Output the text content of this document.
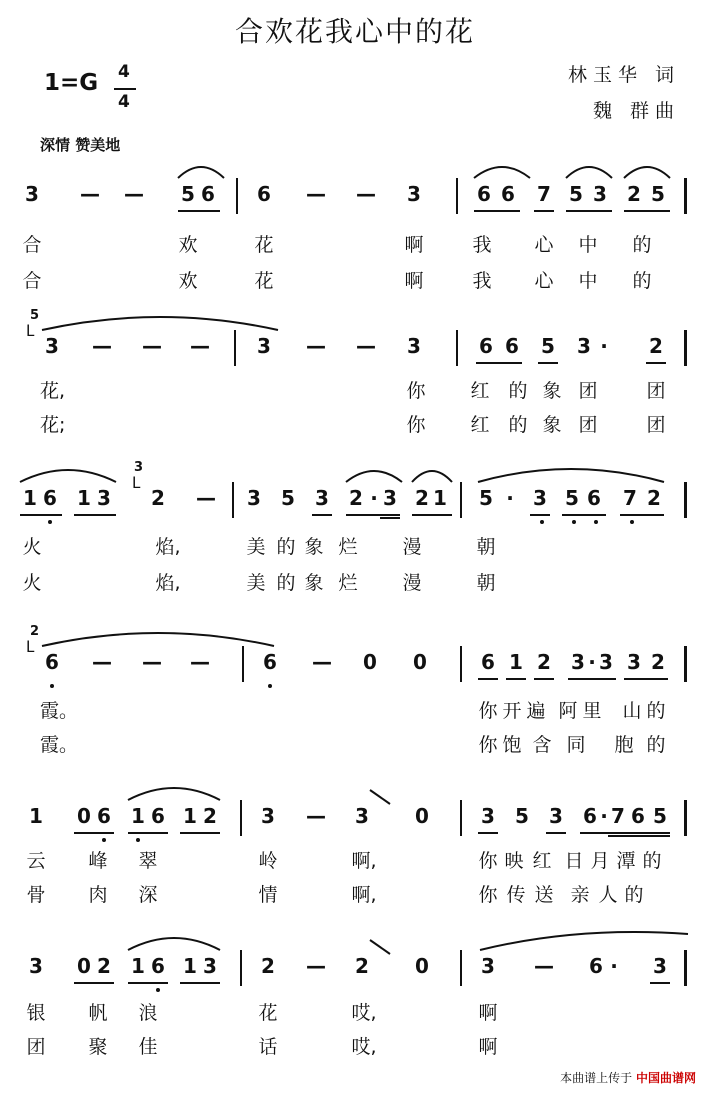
合欢花我心中的花
林玉华 词
魏 群曲
1=G 4
4
深情 赞美地
3 — — 5 6 6 — — 3	6 6 7 5 3 2 5
合	欢	花	啊	我 心 中 的
合	欢	花	啊	我 心 中 的
5
ᒪ
3 — — — 3 — — 3	6 6 5 3 · 2
花,	你 红 的 象 团	团
花;	你 红 的 象 团	团
1 6 1 3
3
ᒪ
2 — 3 5 3 2 · 3 2 1 5 · 3 5 6 7 2
火	焰,	美 的 象 烂 漫	朝
火	焰,	美 的 象 烂 漫	朝
2
ᒪ
6 — — —	6 — 0 0	6 1 2 3 · 3 3 2
霞。	你 开 遍 阿 里 山 的
霞。	你 饱 含 同 胞 的
1 0 6 1 6 1 2 3 — 3 0	3 5 3 6 · 7 6 5
云 峰 翠	岭	啊,	你 映 红 日 月 潭 的
骨 肉 深	情	啊,	你 传 送 亲 人 的
3 0 2 1 6 1 3 2 — 2 0	3 — 6 · 3
银 帆 浪	花	哎,	啊
团 聚 佳	话	哎,	啊
本曲谱上传于 中国曲谱网
